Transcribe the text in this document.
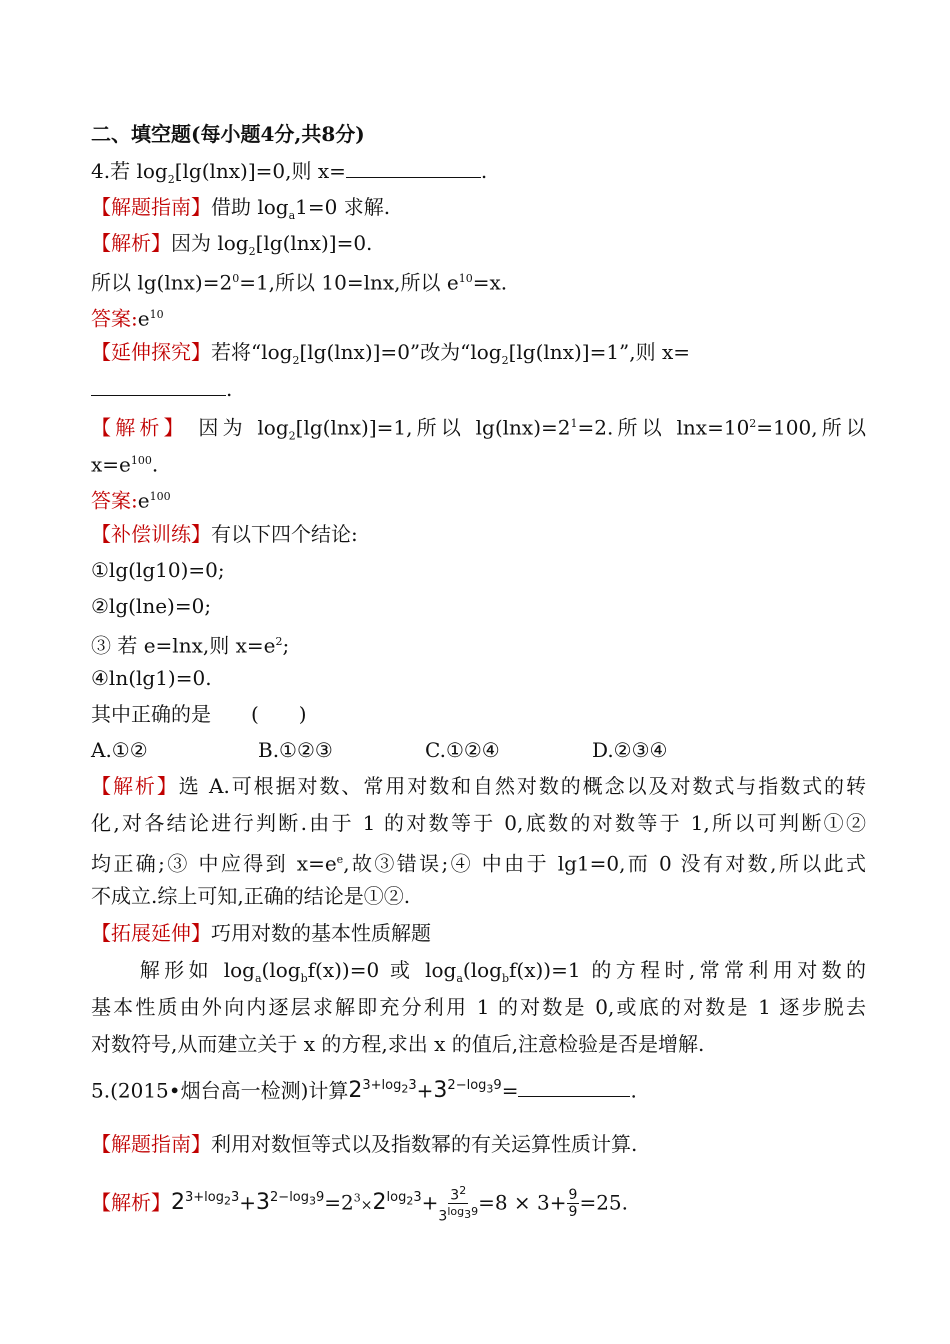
二、填空题(每小题4分,共8分)
4.若 $\log_2[\lg(\ln x)]=0$,则 x=	.
【解题指南】借助 $\log_a1=0$ 求解.
【解析】因为 $\log_2[\lg(\ln x)]=0$.
所以 $\lg(\ln x)=2^0=1$,所以 10=lnx,所以 $e^{10}=x$.
答案$:e^{10}$
【延伸探究】若将“$\log_2[\lg(\ln x)]=0$”改为“$\log_2[\lg(\ln x)]=1$”,则 x=
.
【解析】 因为 $\log_2[\lg(\ln x)]=1$,所以 $\lg(\ln x)=2^1=2$.所以 $\ln x=10^2=100$,所以
$x=e^{100}$.
答案$:e^{100}$
【补偿训练】有以下四个结论:
①lg(lg10)=0;
②lg(lne)=0;
③ 若 e=lnx,则 $x=e^2$;
④ln(lg1)=0.
其中正确的是　　(　　)
A.①②	B.①②③	C.①②④	D.②③④
【解析】选 A.可根据对数、常用对数和自然对数的概念以及对数式与指数式的转
化,对各结论进行判断.由于 1 的对数等于 0,底数的对数等于 1,所以可判断①②
均正确;③ 中应得到 $x=e^e$,故③错误;④ 中由于 lg1=0,而 0 没有对数,所以此式
不成立.综上可知,正确的结论是①②.
【拓展延伸】巧用对数的基本性质解题
　　解形如 $\log_a(\log_bf(x))=0$ 或 $\log_a(\log_bf(x))=1$ 的方程时,常常利用对数的
基本性质由外向内逐层求解即充分利用 1 的对数是 0,或底的对数是 1 逐步脱去
对数符号,从而建立关于 x 的方程,求出 x 的值后,注意检验是否是增解.
5.(2015•烟台高一检测)计算$2^{3+log_23}+3^{2-log_39}=$	.
【解题指南】利用对数恒等式以及指数幂的有关运算性质计算.
【解析】$2^{3+log_23}+3^{2-log_39}=2^3\times 2^{log_23}+ \frac{3^2}{3^{log_39}} =8 \times 3+ \frac{9}{9} =25$.
